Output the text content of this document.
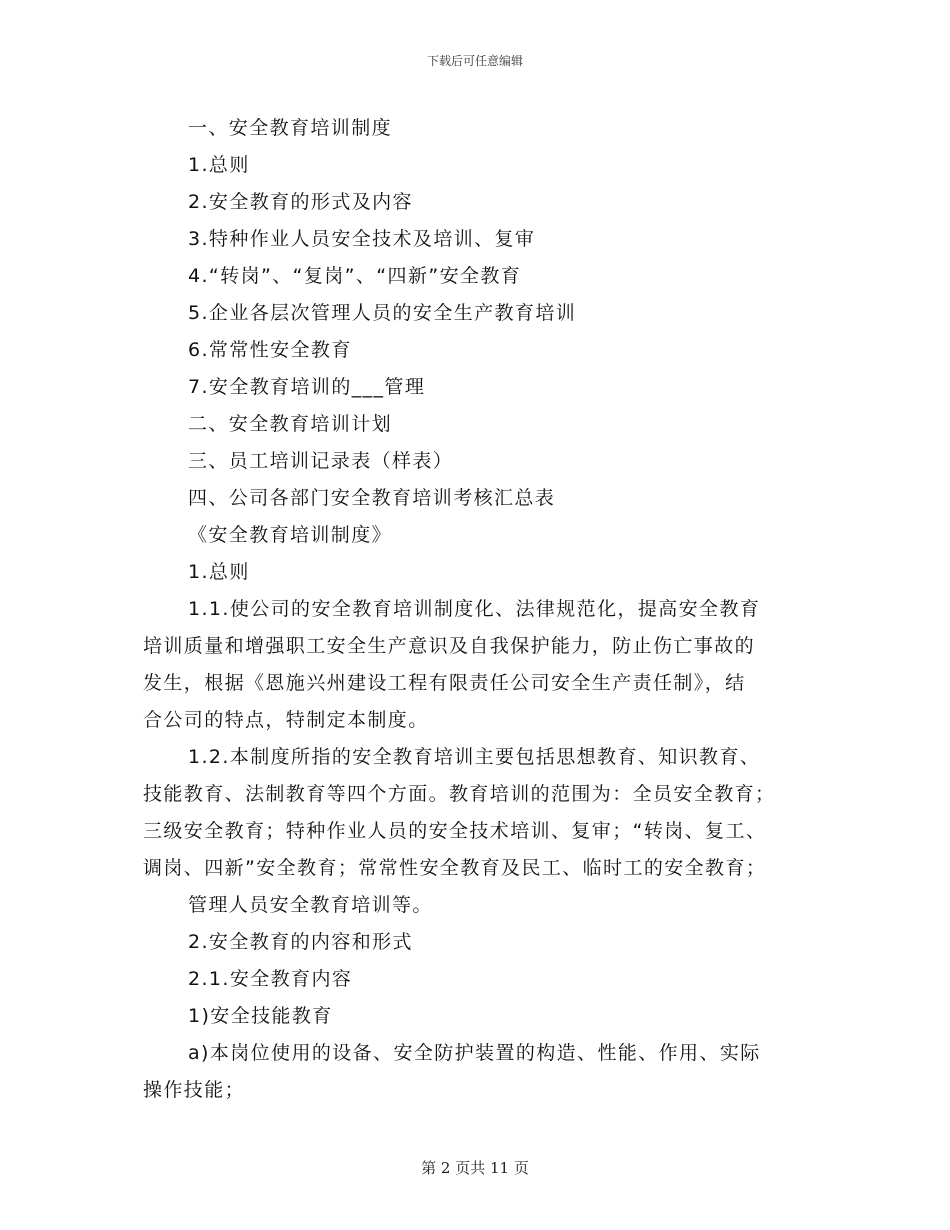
下载后可任意编辑
一、安全教育培训制度
1.总则
2.安全教育的形式及内容
3.特种作业人员安全技术及培训、复审
4.“转岗”、“复岗”、“四新”安全教育
5.企业各层次管理人员的安全生产教育培训
6.常常性安全教育
7.安全教育培训的___管理
二、安全教育培训计划
三、员工培训记录表（样表）
四、公司各部门安全教育培训考核汇总表
《安全教育培训制度》
1.总则
1.1.使公司的安全教育培训制度化、法律规范化，提高安全教育
培训质量和增强职工安全生产意识及自我保护能力，防止伤亡事故的
发生，根据《恩施兴州建设工程有限责任公司安全生产责任制》，结
合公司的特点，特制定本制度。
1.2.本制度所指的安全教育培训主要包括思想教育、知识教育、
技能教育、法制教育等四个方面。教育培训的范围为：全员安全教育；
三级安全教育；特种作业人员的安全技术培训、复审；“转岗、复工、
调岗、四新”安全教育；常常性安全教育及民工、临时工的安全教育；
管理人员安全教育培训等。
2.安全教育的内容和形式
2.1.安全教育内容
1)安全技能教育
a)本岗位使用的设备、安全防护装置的构造、性能、作用、实际
操作技能；
第 2 页共 11 页
